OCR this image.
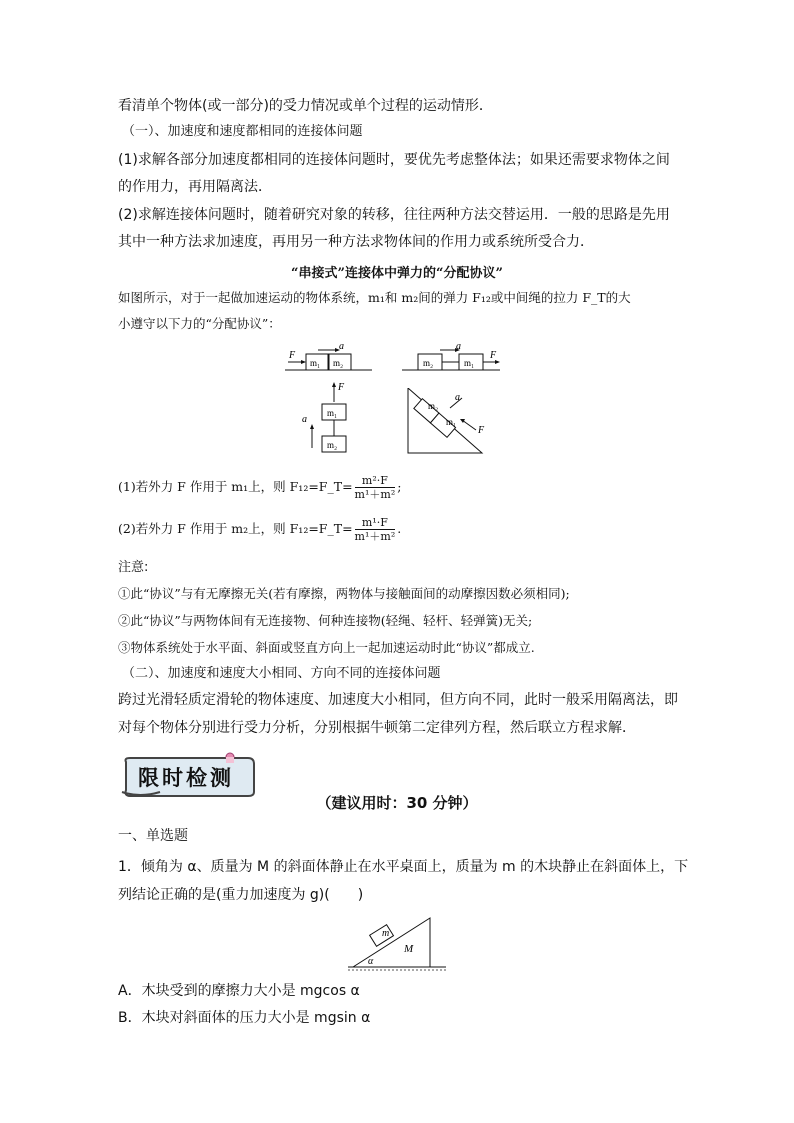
看清单个物体(或一部分)的受力情况或单个过程的运动情形．
（一）、加速度和速度都相同的连接体问题
(1)求解各部分加速度都相同的连接体问题时，要优先考虑整体法；如果还需要求物体之间
的作用力，再用隔离法．
(2)求解连接体问题时，随着研究对象的转移，往往两种方法交替运用．一般的思路是先用
其中一种方法求加速度，再用另一种方法求物体间的作用力或系统所受合力．
“串接式”连接体中弹力的“分配协议”
如图所示，对于一起做加速运动的物体系统，m₁和 m₂间的弹力 F₁₂或中间绳的拉力 F_T的大
小遵守以下力的“分配协议”：
m₁ m₂
F
a
m₂	m₁
F
a
F
m₁
m₂
a
m₂
m₁
a
F
(1)若外力 F 作用于 m₁上，则 F₁₂=F_T= $\frac{\text{m²·F}}{\text{m¹＋m²}}$ ;
(2)若外力 F 作用于 m₂上，则 F₁₂=F_T= $\frac{\text{m¹·F}}{\text{m¹＋m²}}$ .
注意:
①此“协议”与有无摩擦无关(若有摩擦，两物体与接触面间的动摩擦因数必须相同);
②此“协议”与两物体间有无连接物、何种连接物(轻绳、轻杆、轻弹簧)无关;
③物体系统处于水平面、斜面或竖直方向上一起加速运动时此“协议”都成立.
（二）、加速度和速度大小相同、方向不同的连接体问题
跨过光滑轻质定滑轮的物体速度、加速度大小相同，但方向不同，此时一般采用隔离法，即
对每个物体分别进行受力分析，分别根据牛顿第二定律列方程，然后联立方程求解．
限时检测
（建议用时：30 分钟）
一、单选题
1．倾角为 α、质量为 M 的斜面体静止在水平桌面上，质量为 m 的木块静止在斜面体上，下
列结论正确的是(重力加速度为 g)(　　)
m
M
α
A．木块受到的摩擦力大小是 mgcos α
B．木块对斜面体的压力大小是 mgsin α
